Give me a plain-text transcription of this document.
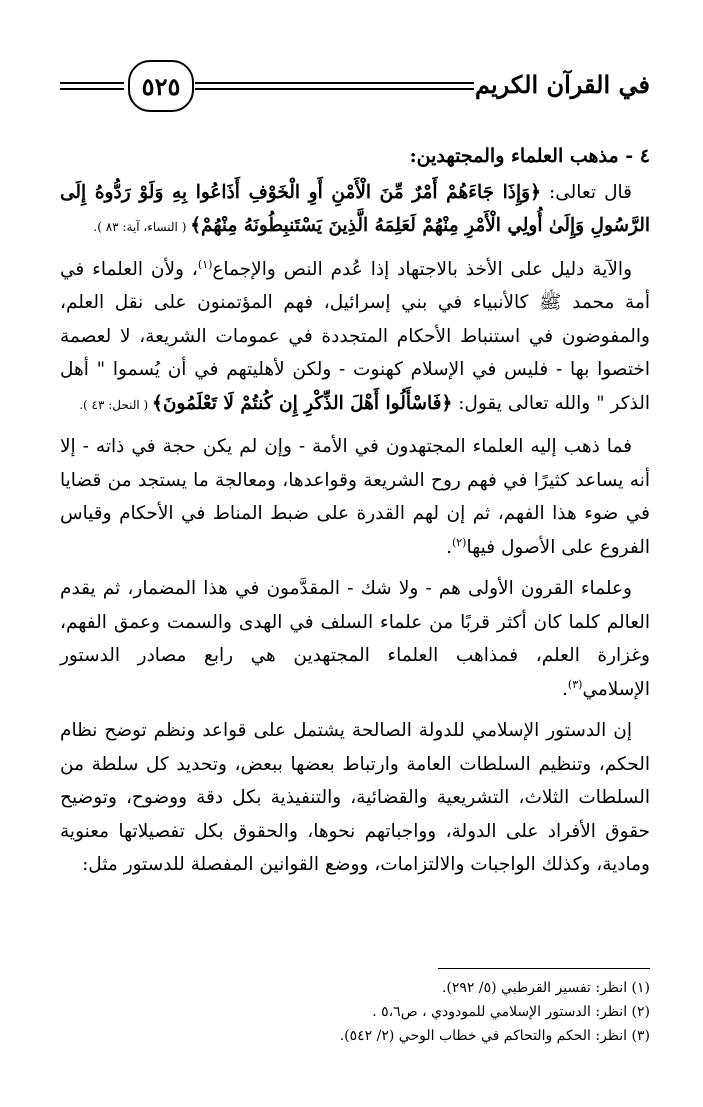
في القرآن الكريم
٥٢٥

٤ - مذهب العلماء والمجتهدين:

قال تعالى: ﴿وَإِذَا جَاءَهُمْ أَمْرٌ مِّنَ الْأَمْنِ أَوِ الْخَوْفِ أَذَاعُوا بِهِ وَلَوْ رَدُّوهُ إِلَى الرَّسُولِ وَإِلَىٰ أُولِي الْأَمْرِ مِنْهُمْ لَعَلِمَهُ الَّذِينَ يَسْتَنبِطُونَهُ مِنْهُمْ﴾ ( النساء، آية: ٨٣ ).

والآية دليل على الأخذ بالاجتهاد إذا عُدم النص والإجماع$^{(١)}$، ولأن العلماء في أمة محمد ﷺ كالأنبياء في بني إسرائيل، فهم المؤتمنون على نقل العلم، والمفوضون في استنباط الأحكام المتجددة في عمومات الشريعة، لا لعصمة اختصوا بها - فليس في الإسلام كهنوت - ولكن لأهليتهم في أن يُسموا " أهل الذكر " والله تعالى يقول: ﴿فَاسْأَلُوا أَهْلَ الذِّكْرِ إِن كُنتُمْ لَا تَعْلَمُونَ﴾ ( النحل: ٤٣ ).

فما ذهب إليه العلماء المجتهدون في الأمة - وإن لم يكن حجة في ذاته - إلا أنه يساعد كثيرًا في فهم روح الشريعة وقواعدها، ومعالجة ما يستجد من قضايا في ضوء هذا الفهم، ثم إن لهم القدرة على ضبط المناط في الأحكام وقياس الفروع على الأصول فيها$^{(٢)}$.

وعلماء القرون الأولى هم - ولا شك - المقدَّمون في هذا المضمار، ثم يقدم العالم كلما كان أكثر قربًا من علماء السلف في الهدى والسمت وعمق الفهم، وغزارة العلم، فمذاهب العلماء المجتهدين هي رابع مصادر الدستور الإسلامي$^{(٣)}$.

إن الدستور الإسلامي للدولة الصالحة يشتمل على قواعد ونظم توضح نظام الحكم، وتنظيم السلطات العامة وارتباط بعضها ببعض، وتحديد كل سلطة من السلطات الثلاث، التشريعية والقضائية، والتنفيذية بكل دقة ووضوح، وتوضيح حقوق الأفراد على الدولة، وواجباتهم نحوها، والحقوق بكل تفصيلاتها معنوية ومادية، وكذلك الواجبات والالتزامات، ووضع القوانين المفصلة للدستور مثل:

(١) انظر: تفسير القرطبي (٥/ ٢٩٢).

(٢) انظر: الدستور الإسلامي للمودودي ، ص٥،٦ .

(٣) انظر: الحكم والتحاكم في خطاب الوحي (٢/ ٥٤٢).
